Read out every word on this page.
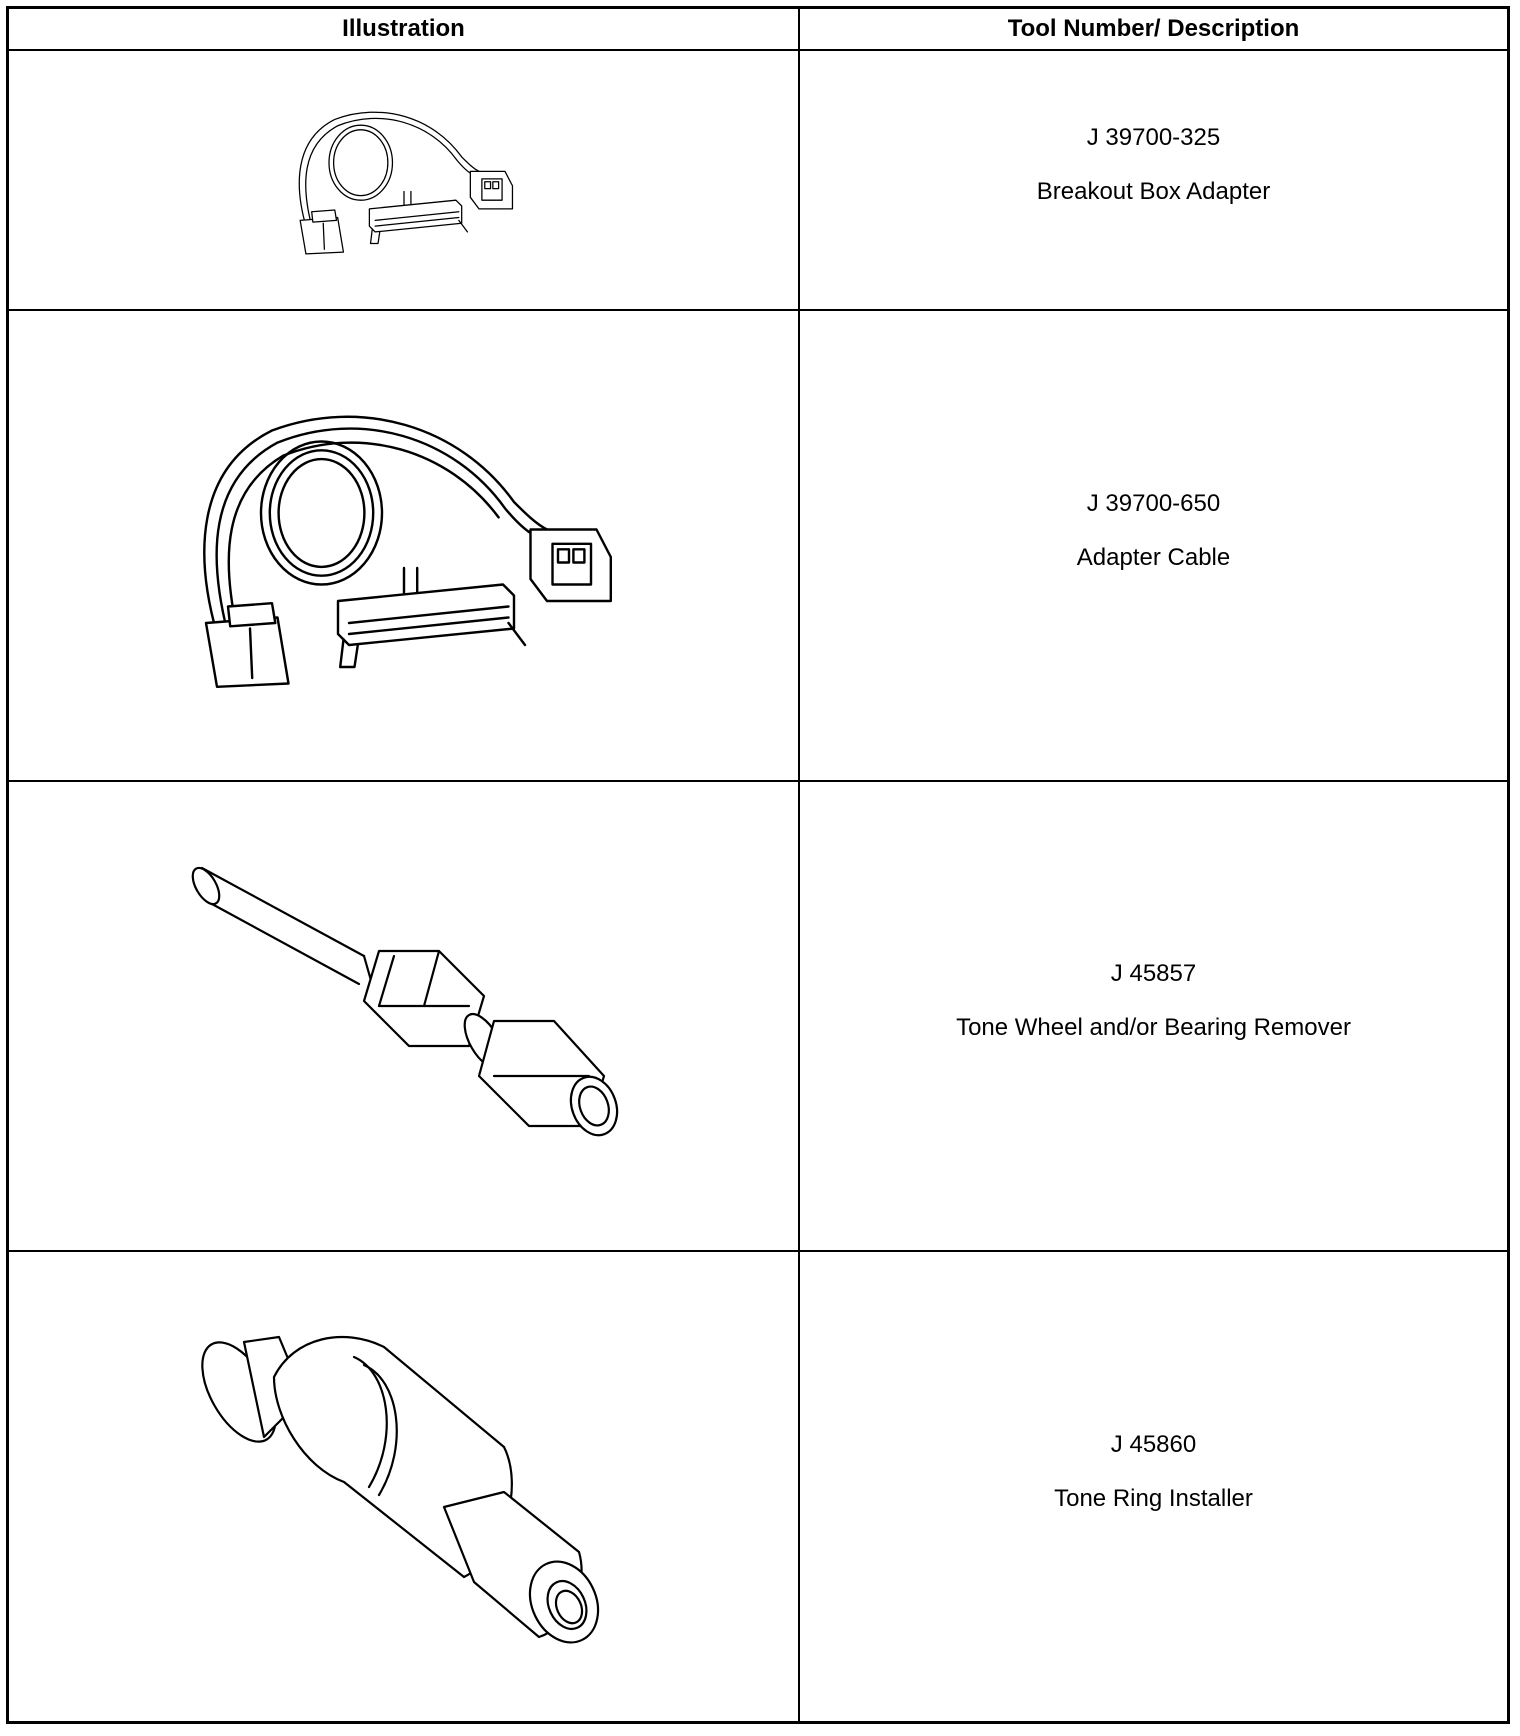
Illustration	Tool Number/ Description

J 39700-325
Breakout Box Adapter

J 39700-650
Adapter Cable

J 45857
Tone Wheel and/or Bearing Remover

J 45860
Tone Ring Installer
